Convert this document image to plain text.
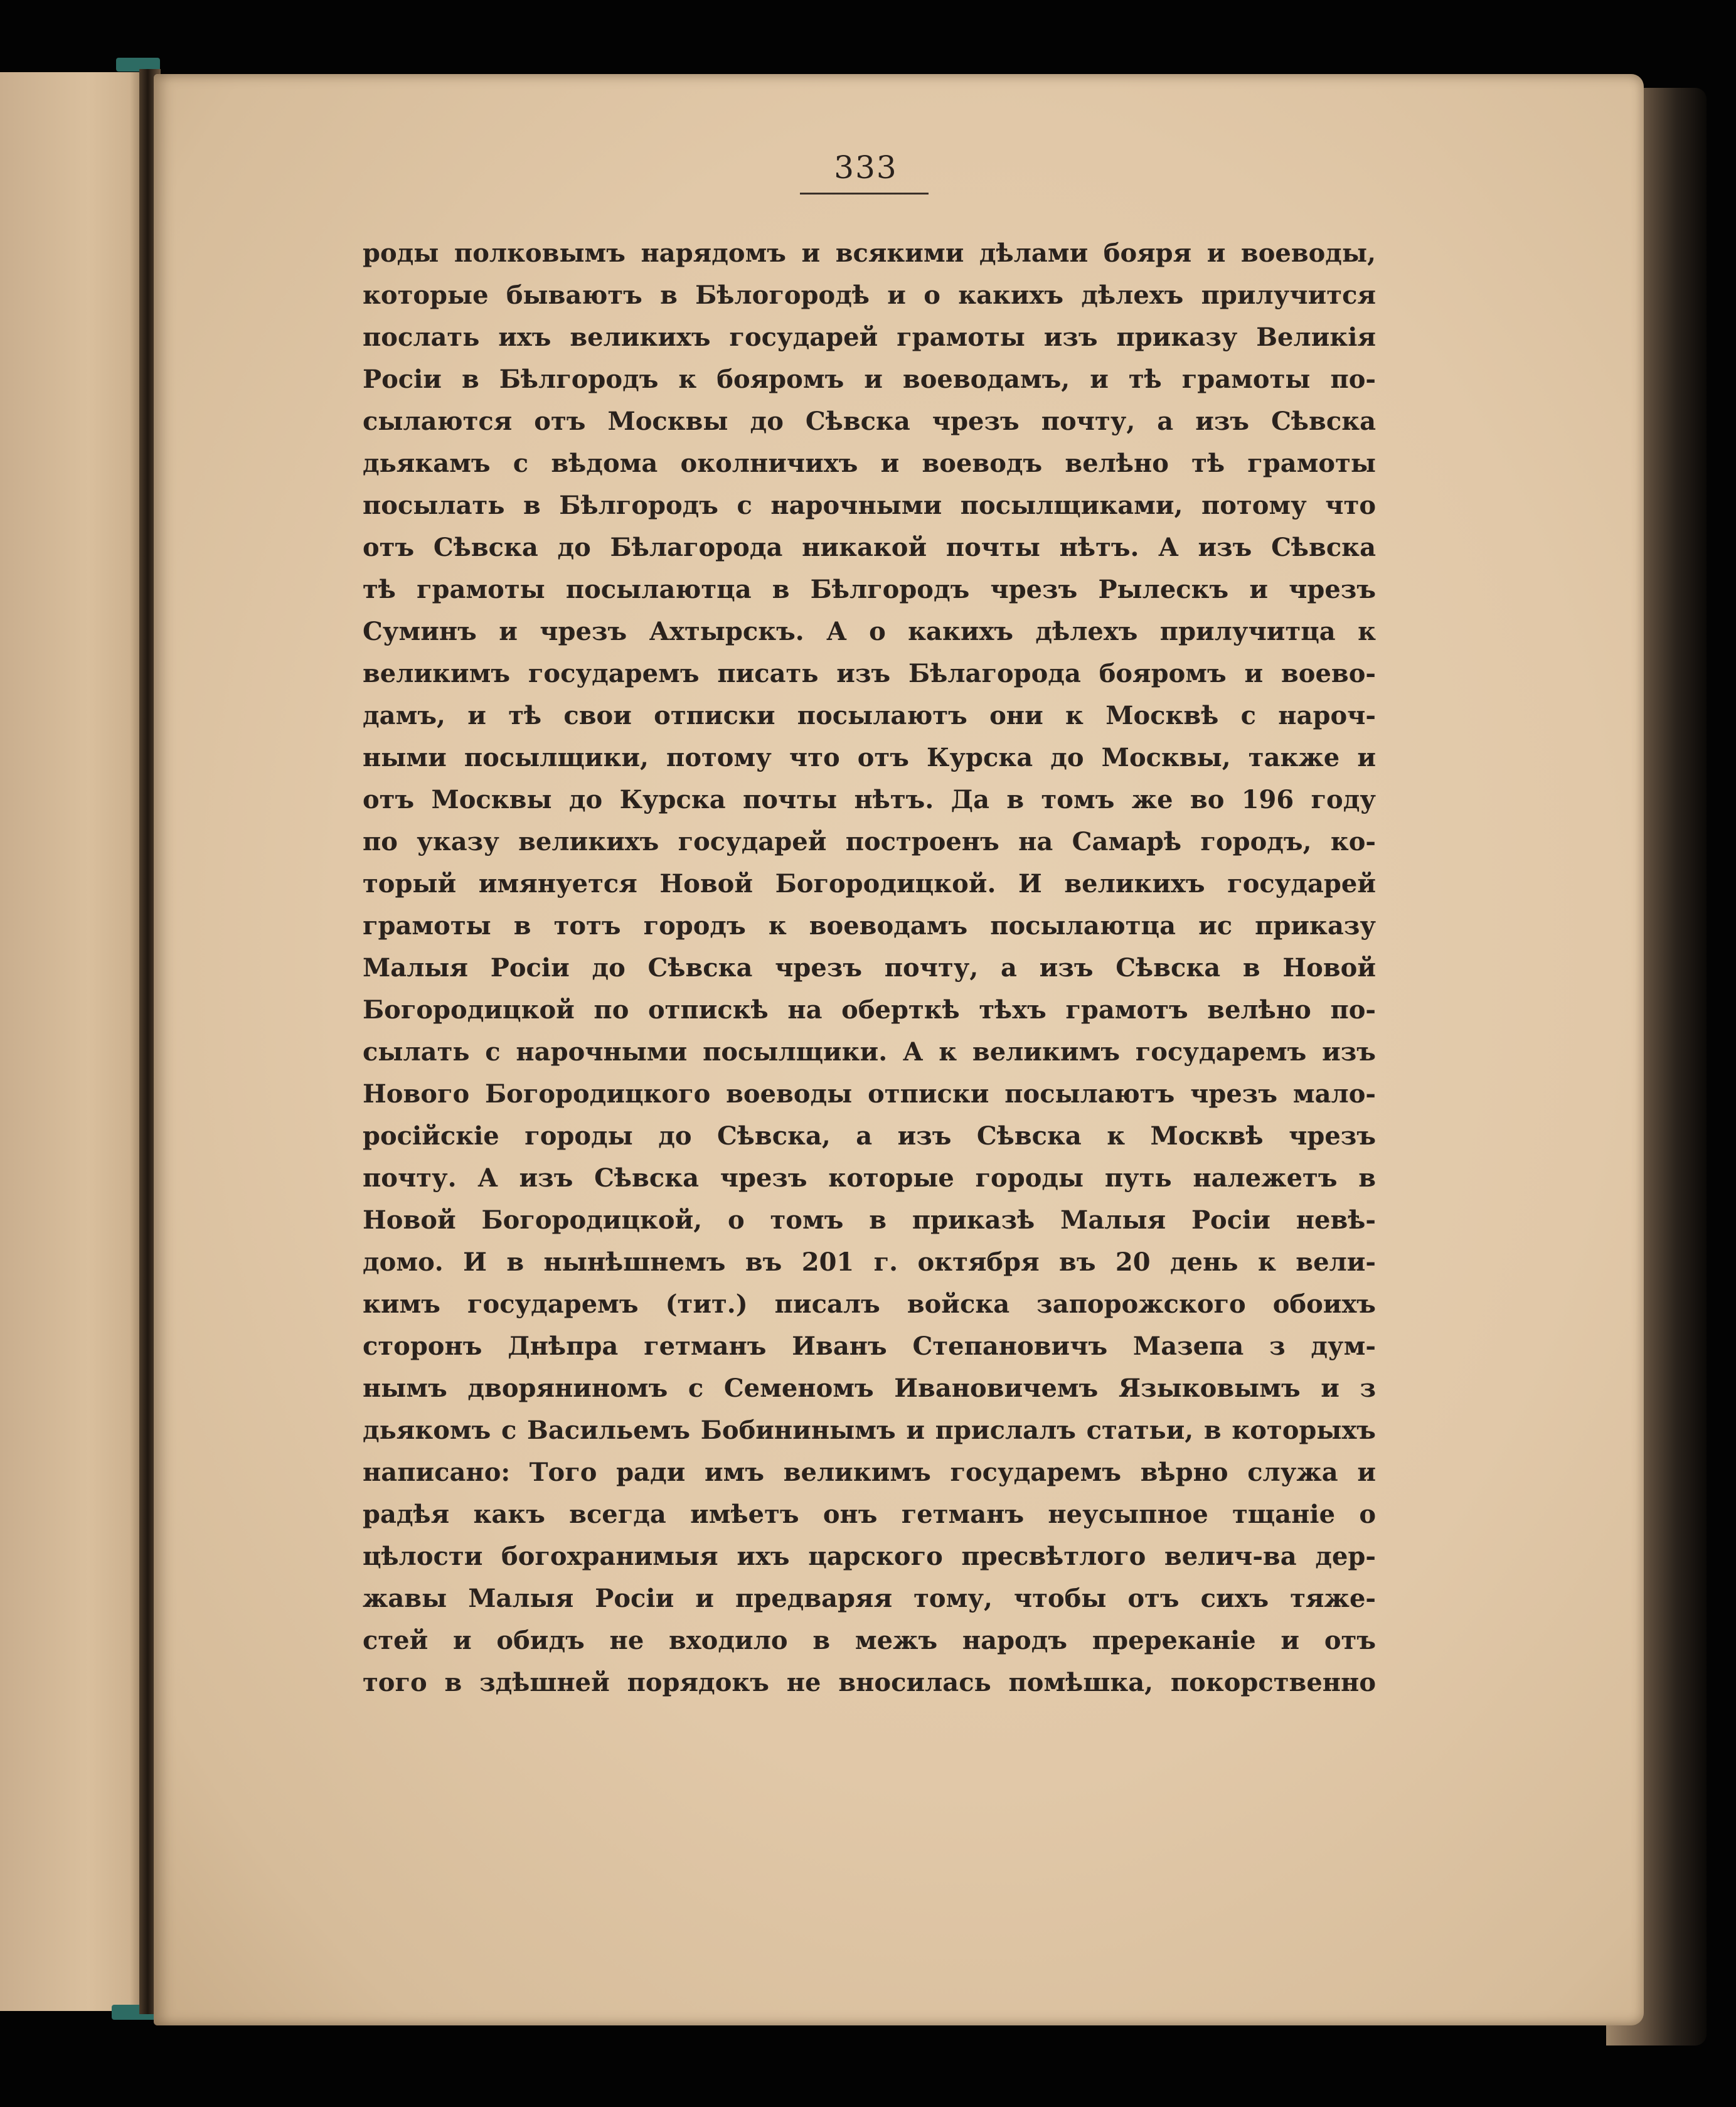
333
роды полковымъ нарядомъ и всякими дѣлами бояря и воеводы,
которые бываютъ в Бѣлогородѣ и о какихъ дѣлехъ прилучится
послать ихъ великихъ государей грамоты изъ приказу Великія
Росіи в Бѣлгородъ к бояромъ и воеводамъ, и тѣ грамоты по-
сылаются отъ Москвы до Сѣвска чрезъ почту, а изъ Сѣвска
дьякамъ с вѣдома околничихъ и воеводъ велѣно тѣ грамоты
посылать в Бѣлгородъ с нарочными посылщиками, потому что
отъ Сѣвска до Бѣлагорода никакой почты нѣтъ. А изъ Сѣвска
тѣ грамоты посылаютца в Бѣлгородъ чрезъ Рылескъ и чрезъ
Суминъ и чрезъ Ахтырскъ. А о какихъ дѣлехъ прилучитца к
великимъ государемъ писать изъ Бѣлагорода бояромъ и воево-
дамъ, и тѣ свои отписки посылаютъ они к Москвѣ с нароч-
ными посылщики, потому что отъ Курска до Москвы, также и
отъ Москвы до Курска почты нѣтъ. Да в томъ же во 196 году
по указу великихъ государей построенъ на Самарѣ городъ, ко-
торый имянуется Новой Богородицкой. И великихъ государей
грамоты в тотъ городъ к воеводамъ посылаютца ис приказу
Малыя Росіи до Сѣвска чрезъ почту, а изъ Сѣвска в Новой
Богородицкой по отпискѣ на оберткѣ тѣхъ грамотъ велѣно по-
сылать с нарочными посылщики. А к великимъ государемъ изъ
Нового Богородицкого воеводы отписки посылаютъ чрезъ мало-
росiйскiе городы до Сѣвска, а изъ Сѣвска к Москвѣ чрезъ
почту. А изъ Сѣвска чрезъ которые городы путь належетъ в
Новой Богородицкой, о томъ в приказѣ Малыя Росiи невѣ-
домо. И в нынѣшнемъ въ 201 г. октября въ 20 день к вели-
кимъ государемъ (тит.) писалъ войска запорожского обоихъ
сторонъ Днѣпра гетманъ Иванъ Степановичъ Мазепа з дум-
нымъ дворяниномъ с Семеномъ Ивановичемъ Языковымъ и з
дьякомъ с Васильемъ Бобининымъ и прислалъ статьи, в которыхъ
написано: Того ради имъ великимъ государемъ вѣрно служа и
радѣя какъ всегда имѣетъ онъ гетманъ неусыпное тщанiе о
цѣлости богохранимыя ихъ царского пресвѣтлого велич-ва дер-
жавы Малыя Росiи и предваряя тому, чтобы отъ сихъ тяже-
стей и обидъ не входило в межъ народъ пререканiе и отъ
того в здѣшней порядокъ не вносилась помѣшка, покорственно
